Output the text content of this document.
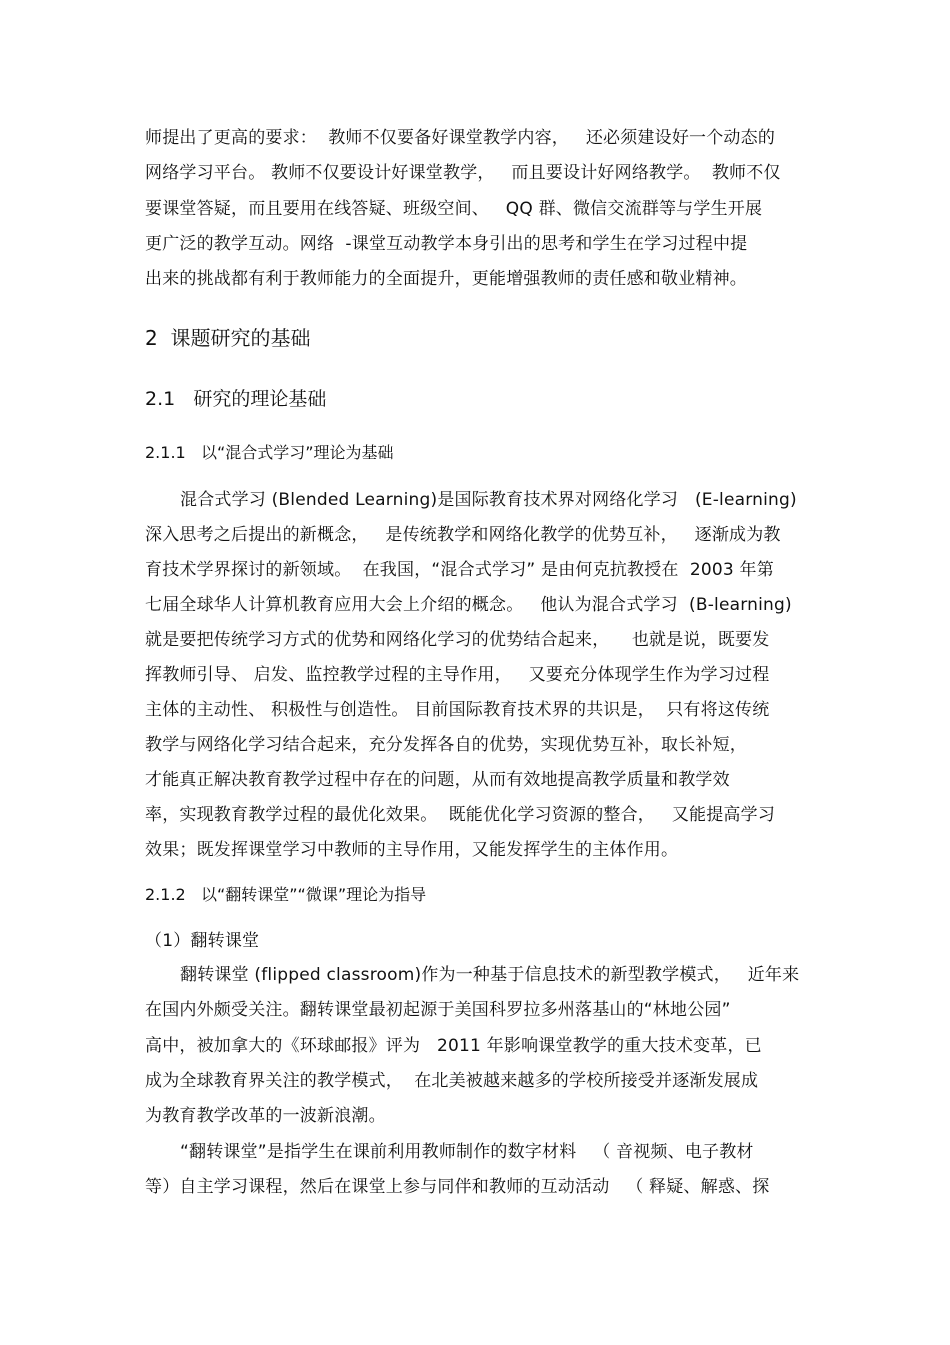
师提出了更高的要求：  教师不仅要备好课堂教学内容，   还必须建设好一个动态的
网络学习平台。 教师不仅要设计好课堂教学，   而且要设计好网络教学。  教师不仅
要课堂答疑，而且要用在线答疑、班级空间、   QQ 群、微信交流群等与学生开展
更广泛的教学互动。网络  -课堂互动教学本身引出的思考和学生在学习过程中提
出来的挑战都有利于教师能力的全面提升，更能增强教师的责任感和敬业精神。
2  课题研究的基础
2.1   研究的理论基础
2.1.1   以“混合式学习”理论为基础
混合式学习 (Blended Learning)是国际教育技术界对网络化学习   (E-learning)
深入思考之后提出的新概念，   是传统教学和网络化教学的优势互补，   逐渐成为教
育技术学界探讨的新领域。  在我国，“混合式学习” 是由何克抗教授在  2003 年第
七届全球华人计算机教育应用大会上介绍的概念。   他认为混合式学习  (B-learning)
就是要把传统学习方式的优势和网络化学习的优势结合起来，    也就是说，既要发
挥教师引导、 启发、监控教学过程的主导作用，   又要充分体现学生作为学习过程
主体的主动性、 积极性与创造性。 目前国际教育技术界的共识是，  只有将这传统
教学与网络化学习结合起来，充分发挥各自的优势，实现优势互补，取长补短，
才能真正解决教育教学过程中存在的问题，从而有效地提高教学质量和教学效
率，实现教育教学过程的最优化效果。  既能优化学习资源的整合，   又能提高学习
效果；既发挥课堂学习中教师的主导作用，又能发挥学生的主体作用。
2.1.2   以“翻转课堂”“微课”理论为指导
（1）翻转课堂
翻转课堂 (flipped classroom)作为一种基于信息技术的新型教学模式，   近年来
在国内外颇受关注。翻转课堂最初起源于美国科罗拉多州落基山的“林地公园”
高中，被加拿大的《环球邮报》评为   2011 年影响课堂教学的重大技术变革，已
成为全球教育界关注的教学模式，  在北美被越来越多的学校所接受并逐渐发展成
为教育教学改革的一波新浪潮。
“翻转课堂”是指学生在课前利用教师制作的数字材料   （ 音视频、电子教材
等）自主学习课程，然后在课堂上参与同伴和教师的互动活动   （ 释疑、解惑、探
